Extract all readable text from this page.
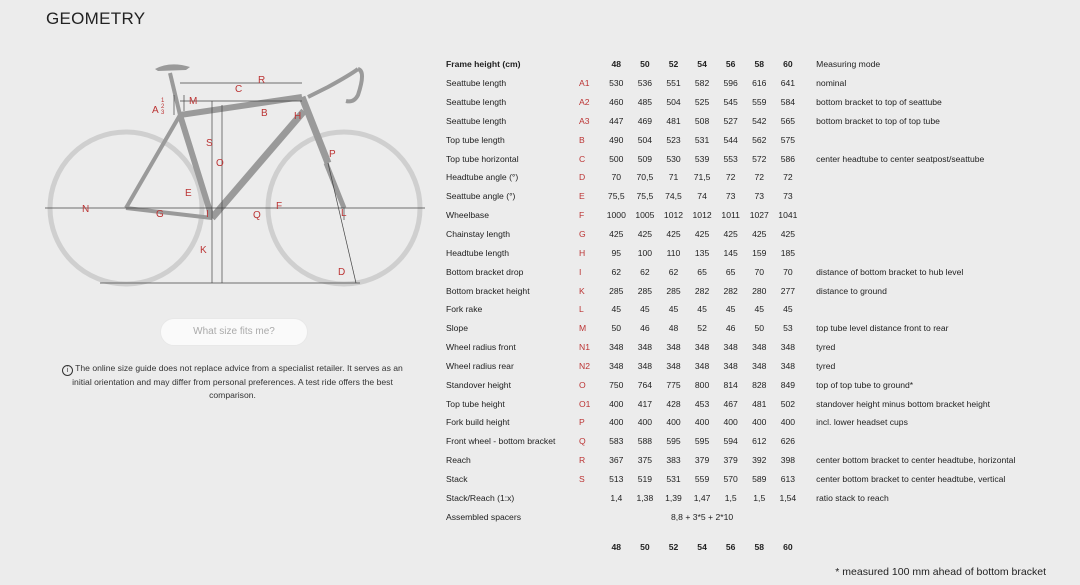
GEOMETRY
A
1
2
3
M
C
R
B	H
S
O
P
E
N	G	I	Q
F
L
K
D
What size fits me?
i The online size guide does not replace advice from a specialist retailer. It serves as an initial orientation and may differ from personal preferences. A test ride offers the best comparison.
Frame height (cm)		48	50	52	54	56	58	60	Measuring mode
Seattube length	A1	530	536	551	582	596	616	641	nominal
Seattube length	A2	460	485	504	525	545	559	584	bottom bracket to top of seattube
Seattube length	A3	447	469	481	508	527	542	565	bottom bracket to top of top tube
Top tube length	B	490	504	523	531	544	562	575	
Top tube horizontal	C	500	509	530	539	553	572	586	center headtube to center seatpost/seattube
Headtube angle (°)	D	70	70,5	71	71,5	72	72	72	
Seattube angle (°)	E	75,5	75,5	74,5	74	73	73	73	
Wheelbase	F	1000	1005	1012	1012	1011	1027	1041	
Chainstay length	G	425	425	425	425	425	425	425	
Headtube length	H	95	100	110	135	145	159	185	
Bottom bracket drop	I	62	62	62	65	65	70	70	distance of bottom bracket to hub level
Bottom bracket height	K	285	285	285	282	282	280	277	distance to ground
Fork rake	L	45	45	45	45	45	45	45	
Slope	M	50	46	48	52	46	50	53	top tube level distance front to rear
Wheel radius front	N1	348	348	348	348	348	348	348	tyred
Wheel radius rear	N2	348	348	348	348	348	348	348	tyred
Standover height	O	750	764	775	800	814	828	849	top of top tube to ground*
Top tube height	O1	400	417	428	453	467	481	502	standover height minus bottom bracket height
Fork build height	P	400	400	400	400	400	400	400	incl. lower headset cups
Front wheel - bottom bracket	Q	583	588	595	595	594	612	626	
Reach	R	367	375	383	379	379	392	398	center bottom bracket to center headtube, horizontal
Stack	S	513	519	531	559	570	589	613	center bottom bracket to center headtube, vertical
Stack/Reach (1:x)		1,4	1,38	1,39	1,47	1,5	1,5	1,54	ratio stack to reach
Assembled spacers		8,8 + 3*5 + 2*10							

		48	50	52	54	56	58	60	
* measured 100 mm ahead of bottom bracket
